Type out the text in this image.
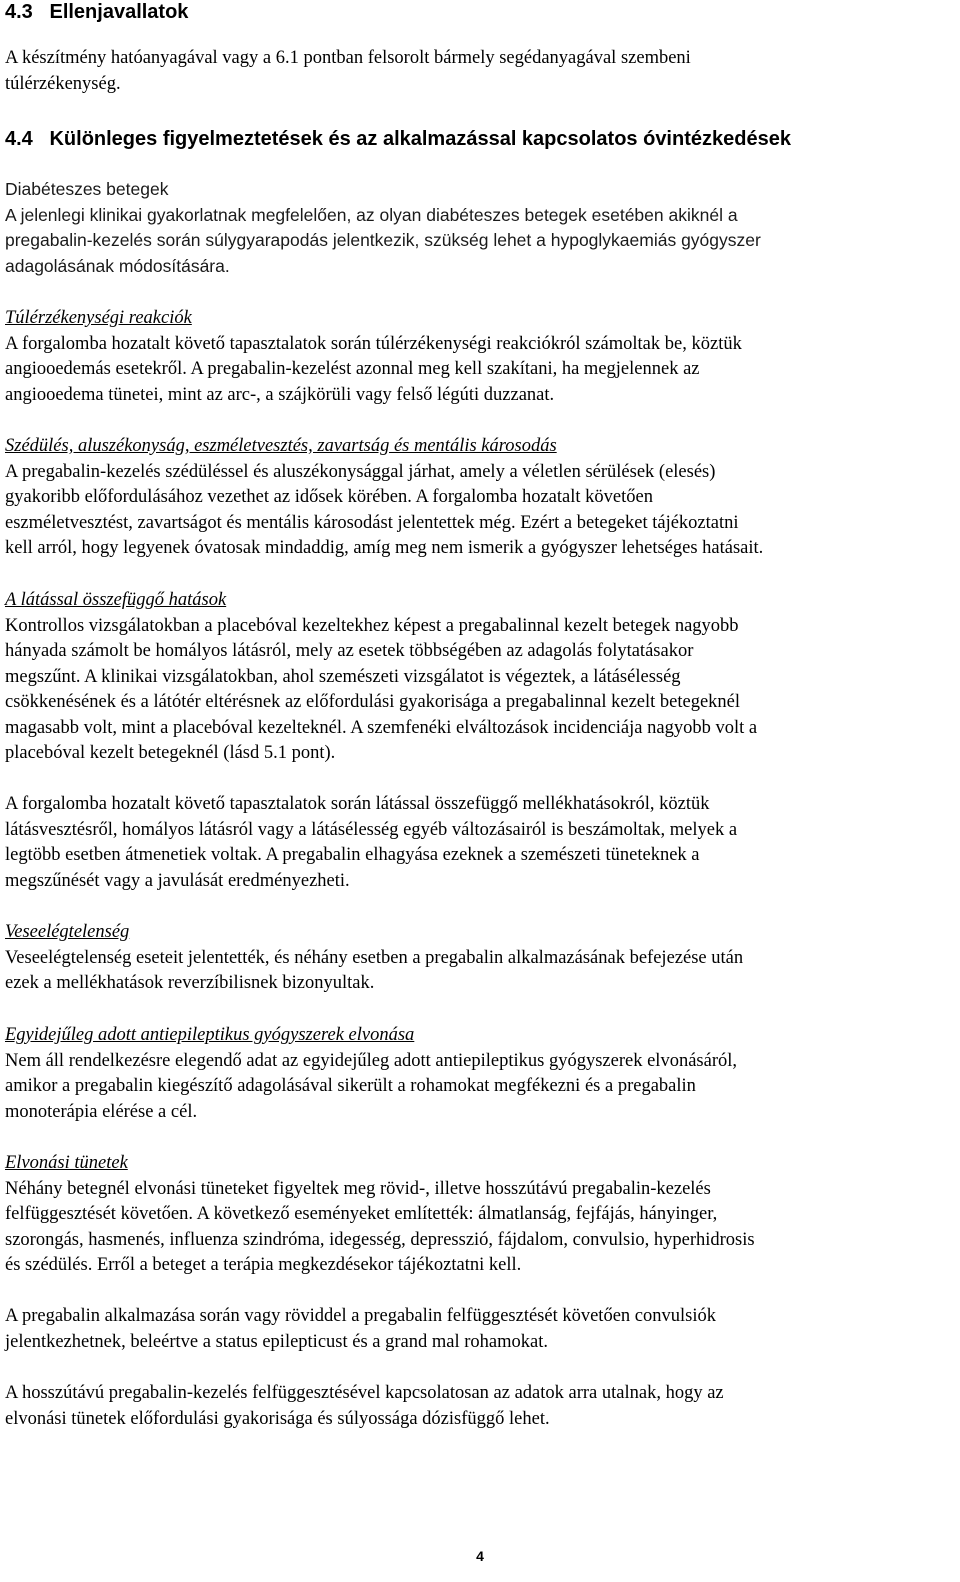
4.3   Ellenjavallatok

A készítmény hatóanyagával vagy a 6.1 pontban felsorolt bármely segédanyagával szembeni
túlérzékenység.

4.4   Különleges figyelmeztetések és az alkalmazással kapcsolatos óvintézkedések

Diabéteszes betegek

A jelenlegi klinikai gyakorlatnak megfelelően, az olyan diabéteszes betegek esetében akiknél a
pregabalin-kezelés során súlygyarapodás jelentkezik, szükség lehet a hypoglykaemiás gyógyszer
adagolásának módosítására.

Túlérzékenységi reakciók

A forgalomba hozatalt követő tapasztalatok során túlérzékenységi reakciókról számoltak be, köztük
angiooedemás esetekről. A pregabalin-kezelést azonnal meg kell szakítani, ha megjelennek az
angiooedema tünetei, mint az arc-, a szájkörüli vagy felső légúti duzzanat.

Szédülés, aluszékonyság, eszméletvesztés, zavartság és mentális károsodás

A pregabalin-kezelés szédüléssel és aluszékonysággal járhat, amely a véletlen sérülések (elesés)
gyakoribb előfordulásához vezethet az idősek körében. A forgalomba hozatalt követően
eszméletvesztést, zavartságot és mentális károsodást jelentettek még. Ezért a betegeket tájékoztatni
kell arról, hogy legyenek óvatosak mindaddig, amíg meg nem ismerik a gyógyszer lehetséges hatásait.

A látással összefüggő hatások

Kontrollos vizsgálatokban a placebóval kezeltekhez képest a pregabalinnal kezelt betegek nagyobb
hányada számolt be homályos látásról, mely az esetek többségében az adagolás folytatásakor
megszűnt. A klinikai vizsgálatokban, ahol szemészeti vizsgálatot is végeztek, a látásélesség
csökkenésének és a látótér eltérésnek az előfordulási gyakorisága a pregabalinnal kezelt betegeknél
magasabb volt, mint a placebóval kezelteknél. A szemfenéki elváltozások incidenciája nagyobb volt a
placebóval kezelt betegeknél (lásd 5.1 pont).

A forgalomba hozatalt követő tapasztalatok során látással összefüggő mellékhatásokról, köztük
látásvesztésről, homályos látásról vagy a látásélesség egyéb változásairól is beszámoltak, melyek a
legtöbb esetben átmenetiek voltak. A pregabalin elhagyása ezeknek a szemészeti tüneteknek a
megszűnését vagy a javulását eredményezheti.

Veseelégtelenség

Veseelégtelenség eseteit jelentették, és néhány esetben a pregabalin alkalmazásának befejezése után
ezek a mellékhatások reverzíbilisnek bizonyultak.

Egyidejűleg adott antiepileptikus gyógyszerek elvonása

Nem áll rendelkezésre elegendő adat az egyidejűleg adott antiepileptikus gyógyszerek elvonásáról,
amikor a pregabalin kiegészítő adagolásával sikerült a rohamokat megfékezni és a pregabalin
monoterápia elérése a cél.

Elvonási tünetek

Néhány betegnél elvonási tüneteket figyeltek meg rövid-, illetve hosszútávú pregabalin-kezelés
felfüggesztését követően. A következő eseményeket említették: álmatlanság, fejfájás, hányinger,
szorongás, hasmenés, influenza szindróma, idegesség, depresszió, fájdalom, convulsio, hyperhidrosis
és szédülés. Erről a beteget a terápia megkezdésekor tájékoztatni kell.

A pregabalin alkalmazása során vagy röviddel a pregabalin felfüggesztését követően convulsiók
jelentkezhetnek, beleértve a status epilepticust és a grand mal rohamokat.

A hosszútávú pregabalin-kezelés felfüggesztésével kapcsolatosan az adatok arra utalnak, hogy az
elvonási tünetek előfordulási gyakorisága és súlyossága dózisfüggő lehet.

4
